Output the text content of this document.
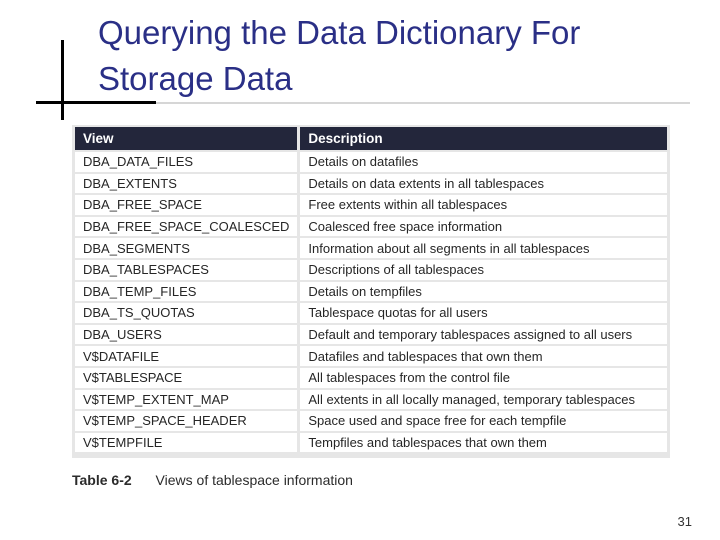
Querying the Data Dictionary For Storage Data
View	Description
DBA_DATA_FILES	Details on datafiles
DBA_EXTENTS	Details on data extents in all tablespaces
DBA_FREE_SPACE	Free extents within all tablespaces
DBA_FREE_SPACE_COALESCED	Coalesced free space information
DBA_SEGMENTS	Information about all segments in all tablespaces
DBA_TABLESPACES	Descriptions of all tablespaces
DBA_TEMP_FILES	Details on tempfiles
DBA_TS_QUOTAS	Tablespace quotas for all users
DBA_USERS	Default and temporary tablespaces assigned to all users
V$DATAFILE	Datafiles and tablespaces that own them
V$TABLESPACE	All tablespaces from the control file
V$TEMP_EXTENT_MAP	All extents in all locally managed, temporary tablespaces
V$TEMP_SPACE_HEADER	Space used and space free for each tempfile
V$TEMPFILE	Tempfiles and tablespaces that own them
Table 6-2 Views of tablespace information
31
